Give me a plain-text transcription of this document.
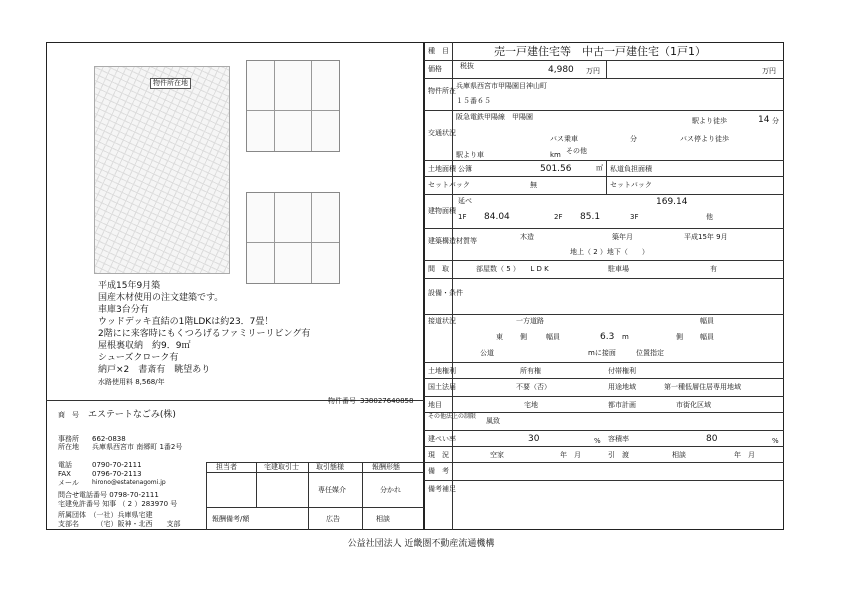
物件所在地
平成15年9月築
国産木材使用の注文建築です。
車庫3台分有
ウッドデッキ直結の1階LDKは約23．7畳！
2階にに来客時にもくつろげるファミリーリビング有
屋根裏収納　約9．9㎡
シューズクローク有
納戸×2　書斎有　眺望あり
水路使用料 8,568/年
物件番号 338027640858
商　号 エステートなごみ(株)
事務所 662-0838
所在地 兵庫県西宮市 南郷町 1番2号
電話	0790-70-2111
FAX	0796-70-2113
メール hirono@estatenagomi.jp
問合せ電話番号 0798-70-2111
宅建免許番号 知事 （ 2 ）283970 号
所属団体　（一社）兵庫県宅建
支部名　　　（宅）阪神・北西　　支部
担当者	宅建取引士 取引態様	報酬形態
専任媒介	分かれ
報酬備考/額	広告	相談
種　目	売一戸建住宅等　中古一戸建住宅（1戸1）
価格	税抜	4,980 万円	万円
物件所在
兵庫県西宮市甲陽園目神山町
１５番６５
交通状況
阪急電鉄甲陽線　甲陽園	駅より徒歩	14 分
バス乗車	分	バス停より徒歩
駅より車	km その他
土地面積 公簿	501.56	㎡ 私道負担面積
セットバック	無	セットバック
建物面積
延べ	169.14
1F 84.04	2F 85.1	3F	他
建築構造材質等	木造	築年月	平成15年 9月
地上（ 2 ）地下（　　）
間　取	部屋数（ 5 ）　　L D K	駐車場	有
設備・条件
接道状況	一方道路	幅員
東 側	幅員	6.3 m	側 幅員
公道	mに接面	位置指定
土地権利	所有権	付帯権利
国土法届	不要（否）	用途地域	第一種低層住居専用地域
地目	宅地	都市計画	市街化区域
その他法上の制限
風致
建ぺい率	30	% 容積率	80	%
現　況	空家	年　月	引　渡	相談	年　月
備　考
備考補足
公益社団法人 近畿圏不動産流通機構
